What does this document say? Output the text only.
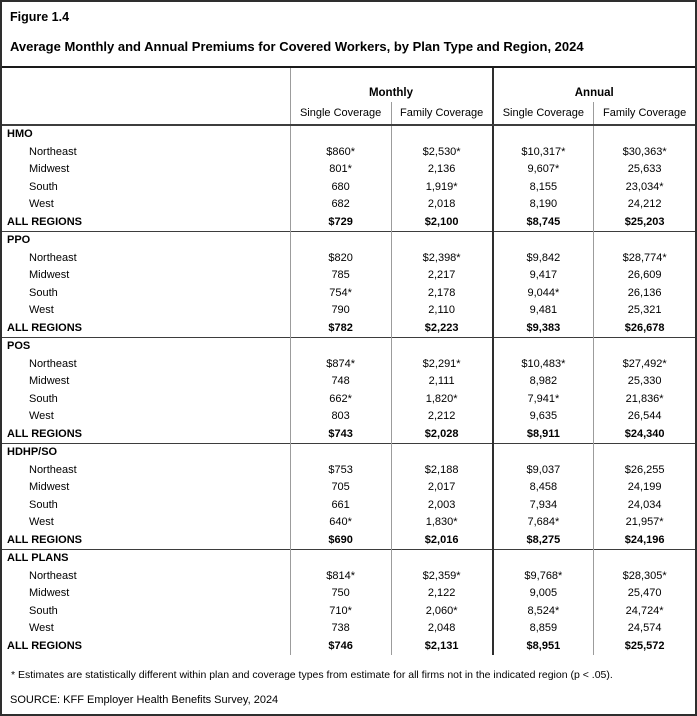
Figure 1.4

Average Monthly and Annual Premiums for Covered Workers, by Plan Type and Region, 2024

	Monthly		Annual	
	Single Coverage	Family Coverage	Single Coverage	Family Coverage
HMO				
Northeast	$860*	$2,530*	$10,317*	$30,363*
Midwest	801*	2,136	9,607*	25,633
South	680	1,919*	8,155	23,034*
West	682	2,018	8,190	24,212
ALL REGIONS	$729	$2,100	$8,745	$25,203
PPO				
Northeast	$820	$2,398*	$9,842	$28,774*
Midwest	785	2,217	9,417	26,609
South	754*	2,178	9,044*	26,136
West	790	2,110	9,481	25,321
ALL REGIONS	$782	$2,223	$9,383	$26,678
POS				
Northeast	$874*	$2,291*	$10,483*	$27,492*
Midwest	748	2,111	8,982	25,330
South	662*	1,820*	7,941*	21,836*
West	803	2,212	9,635	26,544
ALL REGIONS	$743	$2,028	$8,911	$24,340
HDHP/SO				
Northeast	$753	$2,188	$9,037	$26,255
Midwest	705	2,017	8,458	24,199
South	661	2,003	7,934	24,034
West	640*	1,830*	7,684*	21,957*
ALL REGIONS	$690	$2,016	$8,275	$24,196
ALL PLANS				
Northeast	$814*	$2,359*	$9,768*	$28,305*
Midwest	750	2,122	9,005	25,470
South	710*	2,060*	8,524*	24,724*
West	738	2,048	8,859	24,574
ALL REGIONS	$746	$2,131	$8,951	$25,572

* Estimates are statistically different within plan and coverage types from estimate for all firms not in the indicated region (p < .05).

SOURCE: KFF Employer Health Benefits Survey, 2024
